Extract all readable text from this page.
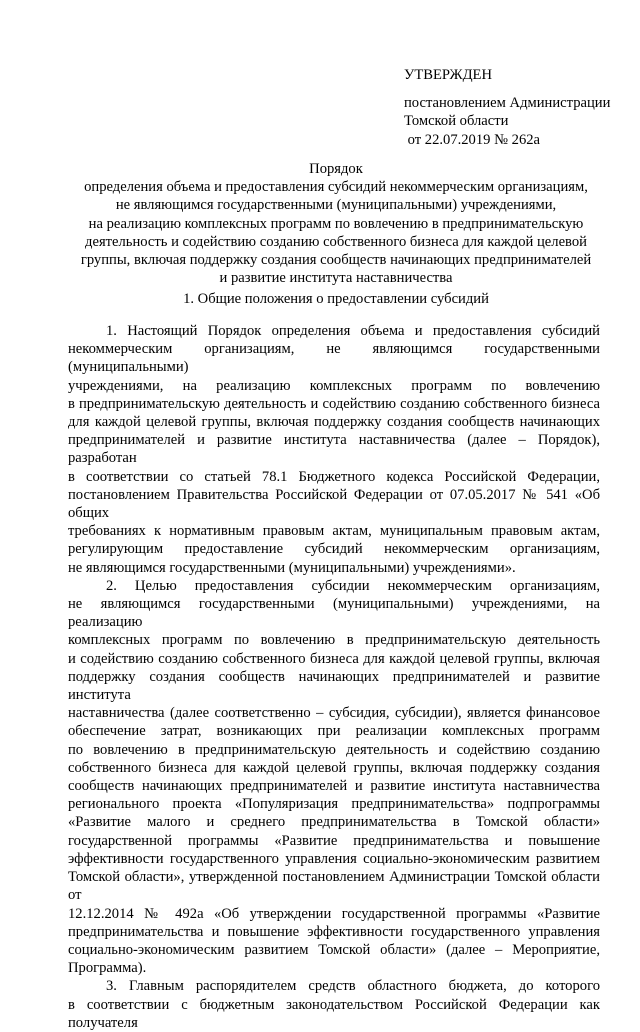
УТВЕРЖДЕН
постановлением Администрации
Томской области
от 22.07.2019 № 262а
Порядок
определения объема и предоставления субсидий некоммерческим организациям,
не являющимся государственными (муниципальными) учреждениями,
на реализацию комплексных программ по вовлечению в предпринимательскую
деятельность и содействию созданию собственного бизнеса для каждой целевой
группы, включая поддержку создания сообществ начинающих предпринимателей
и развитие института наставничества
1. Общие положения о предоставлении субсидий
1. Настоящий Порядок определения объема и предоставления субсидий
некоммерческим организациям, не являющимся государственными (муниципальными)
учреждениями, на реализацию комплексных программ по вовлечению
в предпринимательскую деятельность и содействию созданию собственного бизнеса
для каждой целевой группы, включая поддержку создания сообществ начинающих
предпринимателей и развитие института наставничества (далее – Порядок), разработан
в соответствии со статьей 78.1 Бюджетного кодекса Российской Федерации,
постановлением Правительства Российской Федерации от 07.05.2017 № 541 «Об общих
требованиях к нормативным правовым актам, муниципальным правовым актам,
регулирующим предоставление субсидий некоммерческим организациям,
не являющимся государственными (муниципальными) учреждениями».
2. Целью предоставления субсидии некоммерческим организациям,
не являющимся государственными (муниципальными) учреждениями, на реализацию
комплексных программ по вовлечению в предпринимательскую деятельность
и содействию созданию собственного бизнеса для каждой целевой группы, включая
поддержку создания сообществ начинающих предпринимателей и развитие института
наставничества (далее соответственно – субсидия, субсидии), является финансовое
обеспечение затрат, возникающих при реализации комплексных программ
по вовлечению в предпринимательскую деятельность и содействию созданию
собственного бизнеса для каждой целевой группы, включая поддержку создания
сообществ начинающих предпринимателей и развитие института наставничества
регионального проекта «Популяризация предпринимательства» подпрограммы
«Развитие малого и среднего предпринимательства в Томской области»
государственной программы «Развитие предпринимательства и повышение
эффективности государственного управления социально-экономическим развитием
Томской области», утвержденной постановлением Администрации Томской области от
12.12.2014 № 492а «Об утверждении государственной программы «Развитие
предпринимательства и повышение эффективности государственного управления
социально-экономическим развитием Томской области» (далее – Мероприятие,
Программа).
3. Главным распорядителем средств областного бюджета, до которого
в соответствии с бюджетным законодательством Российской Федерации как получателя
